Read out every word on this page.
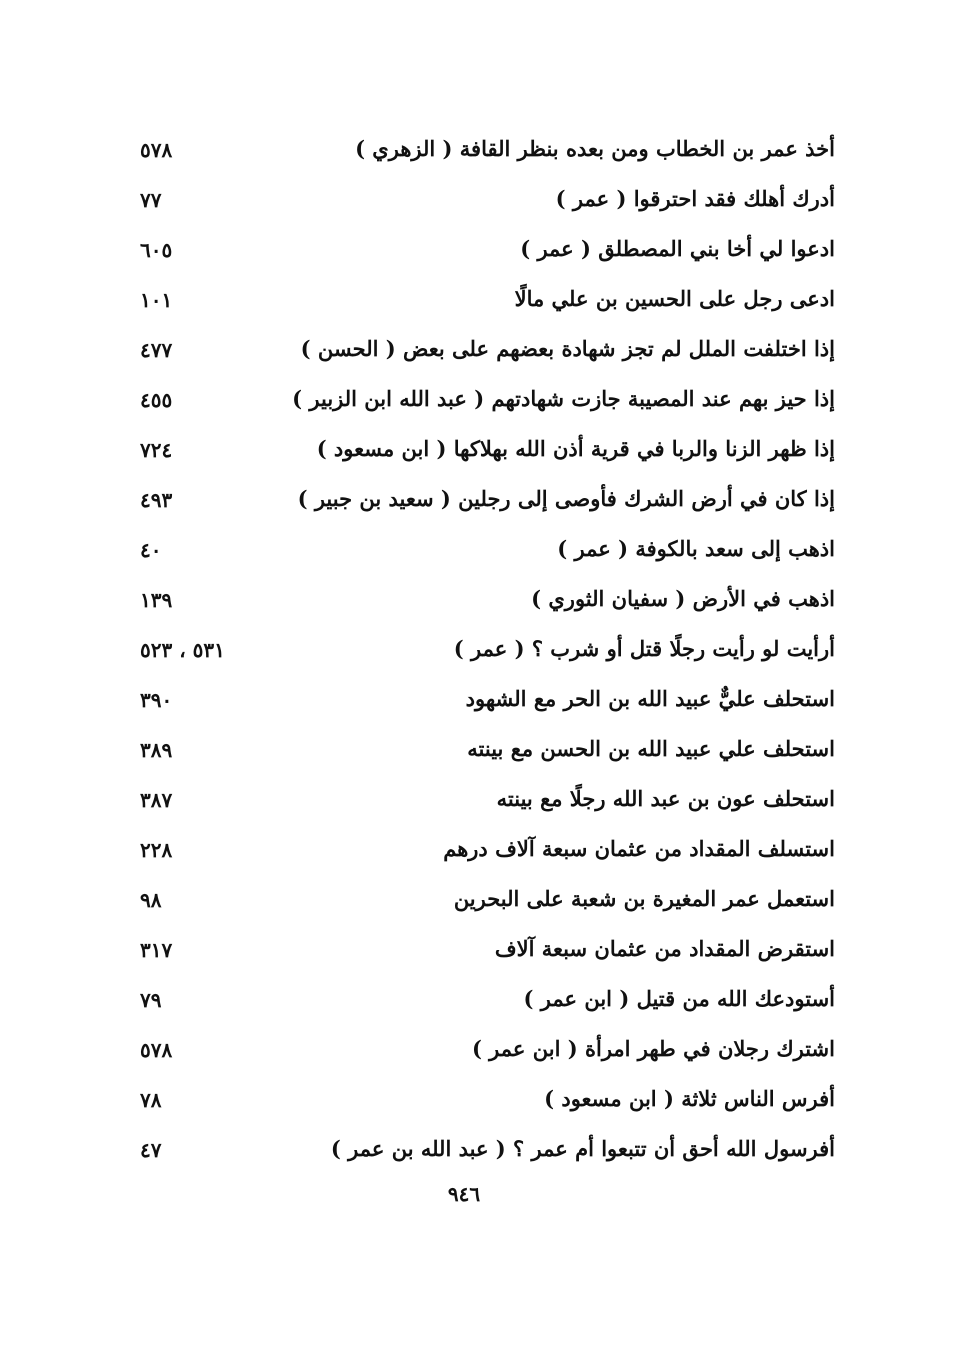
أخذ عمر بن الخطاب ومن بعده بنظر القافة ( الزهري )
٥٧٨
أدرك أهلك فقد احترقوا ( عمر )
٧٧
ادعوا لي أخا بني المصطلق ( عمر )
٦٠٥
ادعى رجل على الحسين بن علي مالًا
١٠١
إذا اختلفت الملل لم تجز شهادة بعضهم على بعض ( الحسن )
٤٧٧
إذا حيز بهم عند المصيبة جازت شهادتهم ( عبد الله ابن الزبير )
٤٥٥
إذا ظهر الزنا والربا في قرية أذن الله بهلاكها ( ابن مسعود )
٧٢٤
إذا كان في أرض الشرك فأوصى إلى رجلين ( سعيد بن جبير )
٤٩٣
اذهب إلى سعد بالكوفة ( عمر )
٤٠
اذهب في الأرض ( سفيان الثوري )
١٣٩
أرأيت لو رأيت رجلًا قتل أو شرب ؟ ( عمر )
٥٣١ ، ٥٢٣
استحلف عليٌّ عبيد الله بن الحر مع الشهود
٣٩٠
استحلف علي عبيد الله بن الحسن مع بينته
٣٨٩
استحلف عون بن عبد الله رجلًا مع بينته
٣٨٧
استسلف المقداد من عثمان سبعة آلاف درهم
٢٢٨
استعمل عمر المغيرة بن شعبة على البحرين
٩٨
استقرض المقداد من عثمان سبعة آلاف
٣١٧
أستودعك الله من قتيل ( ابن عمر )
٧٩
اشترك رجلان في طهر امرأة ( ابن عمر )
٥٧٨
أفرس الناس ثلاثة ( ابن مسعود )
٧٨
أفرسول الله أحق أن تتبعوا أم عمر ؟ ( عبد الله بن عمر )
٤٧
٩٤٦
